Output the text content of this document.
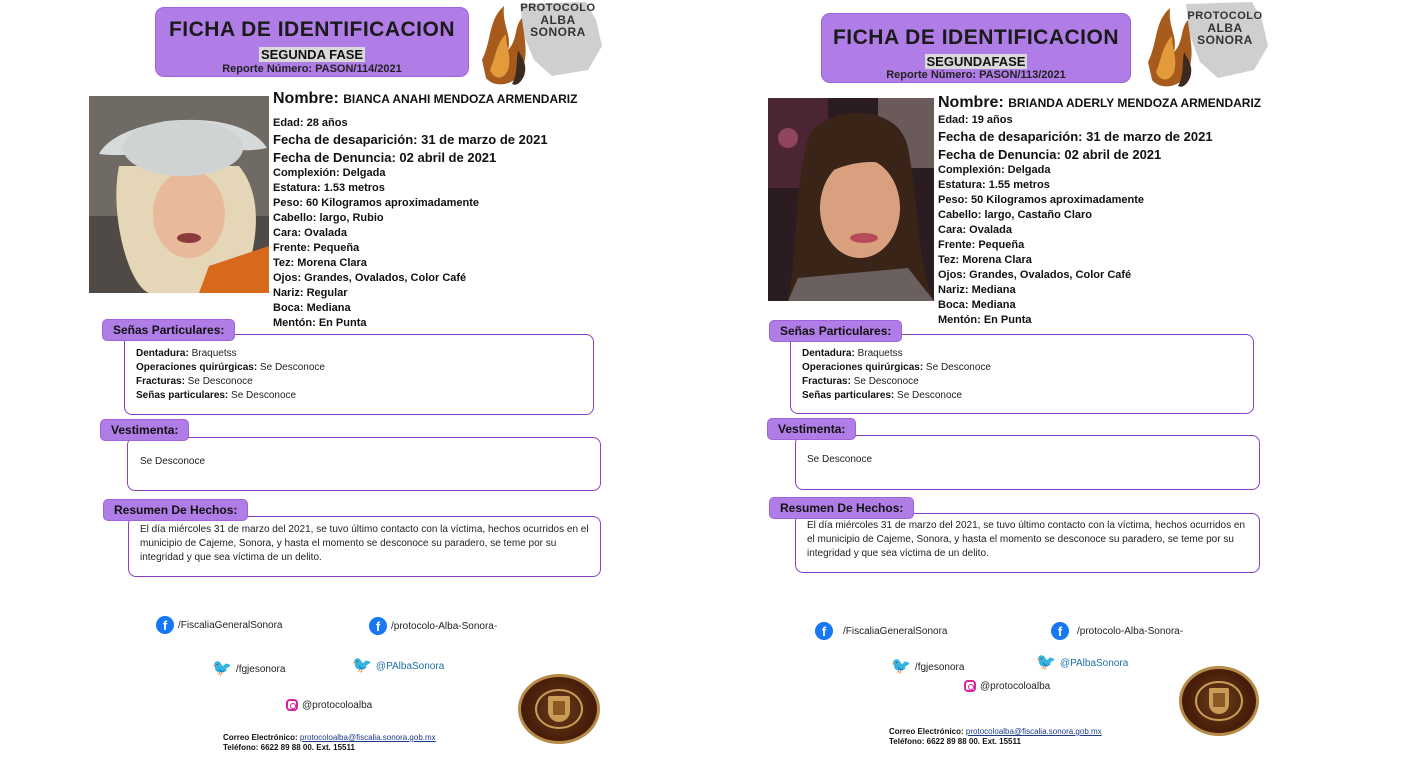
FICHA DE IDENTIFICACION
SEGUNDA FASE
Reporte Número: PASON/114/2021
PROTOCOLO
ALBA
SONORA
Nombre: BIANCA ANAHI MENDOZA ARMENDARIZ
Edad: 28 años
Fecha de desaparición: 31 de marzo de 2021
Fecha de Denuncia: 02 abril de 2021
Complexión: Delgada
Estatura: 1.53 metros
Peso: 60 Kilogramos aproximadamente
Cabello: largo, Rubio
Cara: Ovalada
Frente: Pequeña
Tez: Morena Clara
Ojos: Grandes, Ovalados, Color Café
Nariz: Regular
Boca: Mediana
Mentón: En Punta
Señas Particulares:
Dentadura: Braquetss
Operaciones quirúrgicas: Se Desconoce
Fracturas: Se Desconoce
Señas particulares: Se Desconoce
Vestimenta:
Se Desconoce
Resumen De Hechos:
El día miércoles 31 de marzo del 2021, se tuvo último contacto con la víctima, hechos ocurridos en el municipio de Cajeme, Sonora, y hasta el momento se desconoce su paradero, se teme por su integridad y que sea víctima de un delito.
f	/FiscaliaGeneralSonora	f	/protocolo-Alba-Sonora-
🐦 /fgjesonora	🐦 @PAlbaSonora
@protocoloalba
Correo Electrónico: protocoloalba@fiscalia.sonora.gob.mx
Teléfono: 6622 89 88 00. Ext. 15511
FICHA DE IDENTIFICACION
SEGUNDAFASE
Reporte Número: PASON/113/2021
PROTOCOLO
ALBA
SONORA
Nombre: BRIANDA ADERLY MENDOZA ARMENDARIZ
Edad: 19 años
Fecha de desaparición: 31 de marzo de 2021
Fecha de Denuncia: 02 abril de 2021
Complexión: Delgada
Estatura: 1.55 metros
Peso: 50 Kilogramos aproximadamente
Cabello: largo, Castaño Claro
Cara: Ovalada
Frente: Pequeña
Tez: Morena Clara
Ojos: Grandes, Ovalados, Color Café
Nariz: Mediana
Boca: Mediana
Mentón: En Punta
Señas Particulares:
Dentadura: Braquetss
Operaciones quirúrgicas: Se Desconoce
Fracturas: Se Desconoce
Señas particulares: Se Desconoce
Vestimenta:
Se Desconoce
Resumen De Hechos:
El día miércoles 31 de marzo del 2021, se tuvo último contacto con la víctima, hechos ocurridos en el municipio de Cajeme, Sonora, y hasta el momento se desconoce su paradero, se teme por su integridad y que sea víctima de un delito.
f	/FiscaliaGeneralSonora	f	/protocolo-Alba-Sonora-
🐦 /fgjesonora	🐦 @PAlbaSonora
@protocoloalba
Correo Electrónico: protocoloalba@fiscalia.sonora.gob.mx
Teléfono: 6622 89 88 00. Ext. 15511
